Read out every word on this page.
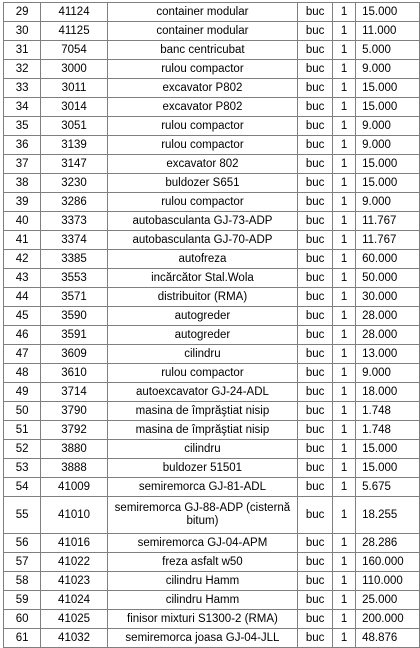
29	41124	container modular	buc	1	15.000
30	41125	container modular	buc	1	11.000
31	7054	banc centricubat	buc	1	5.000
32	3000	rulou compactor	buc	1	9.000
33	3011	excavator P802	buc	1	15.000
34	3014	excavator P802	buc	1	15.000
35	3051	rulou compactor	buc	1	9.000
36	3139	rulou compactor	buc	1	9.000
37	3147	excavator 802	buc	1	15.000
38	3230	buldozer S651	buc	1	15.000
39	3286	rulou compactor	buc	1	9.000
40	3373	autobasculanta GJ-73-ADP	buc	1	11.767
41	3374	autobasculanta GJ-70-ADP	buc	1	11.767
42	3385	autofreza	buc	1	60.000
43	3553	incărcător Stal.Wola	buc	1	50.000
44	3571	distribuitor (RMA)	buc	1	30.000
45	3590	autogreder	buc	1	28.000
46	3591	autogreder	buc	1	28.000
47	3609	cilindru	buc	1	13.000
48	3610	rulou compactor	buc	1	9.000
49	3714	autoexcavator GJ-24-ADL	buc	1	18.000
50	3790	masina de împrăştiat nisip	buc	1	1.748
51	3792	masina de împrăştiat nisip	buc	1	1.748
52	3880	cilindru	buc	1	15.000
53	3888	buldozer 51501	buc	1	15.000
54	41009	semiremorca GJ-81-ADL	buc	1	5.675
55	41010	semiremorca GJ-88-ADP (cisternă bitum)	buc	1	18.255
56	41016	semiremorca GJ-04-APM	buc	1	28.286
57	41022	freza asfalt w50	buc	1	160.000
58	41023	cilindru Hamm	buc	1	110.000
59	41024	cilindru Hamm	buc	1	25.000
60	41025	finisor mixturi S1300-2 (RMA)	buc	1	200.000
61	41032	semiremorca joasa GJ-04-JLL	buc	1	48.876
